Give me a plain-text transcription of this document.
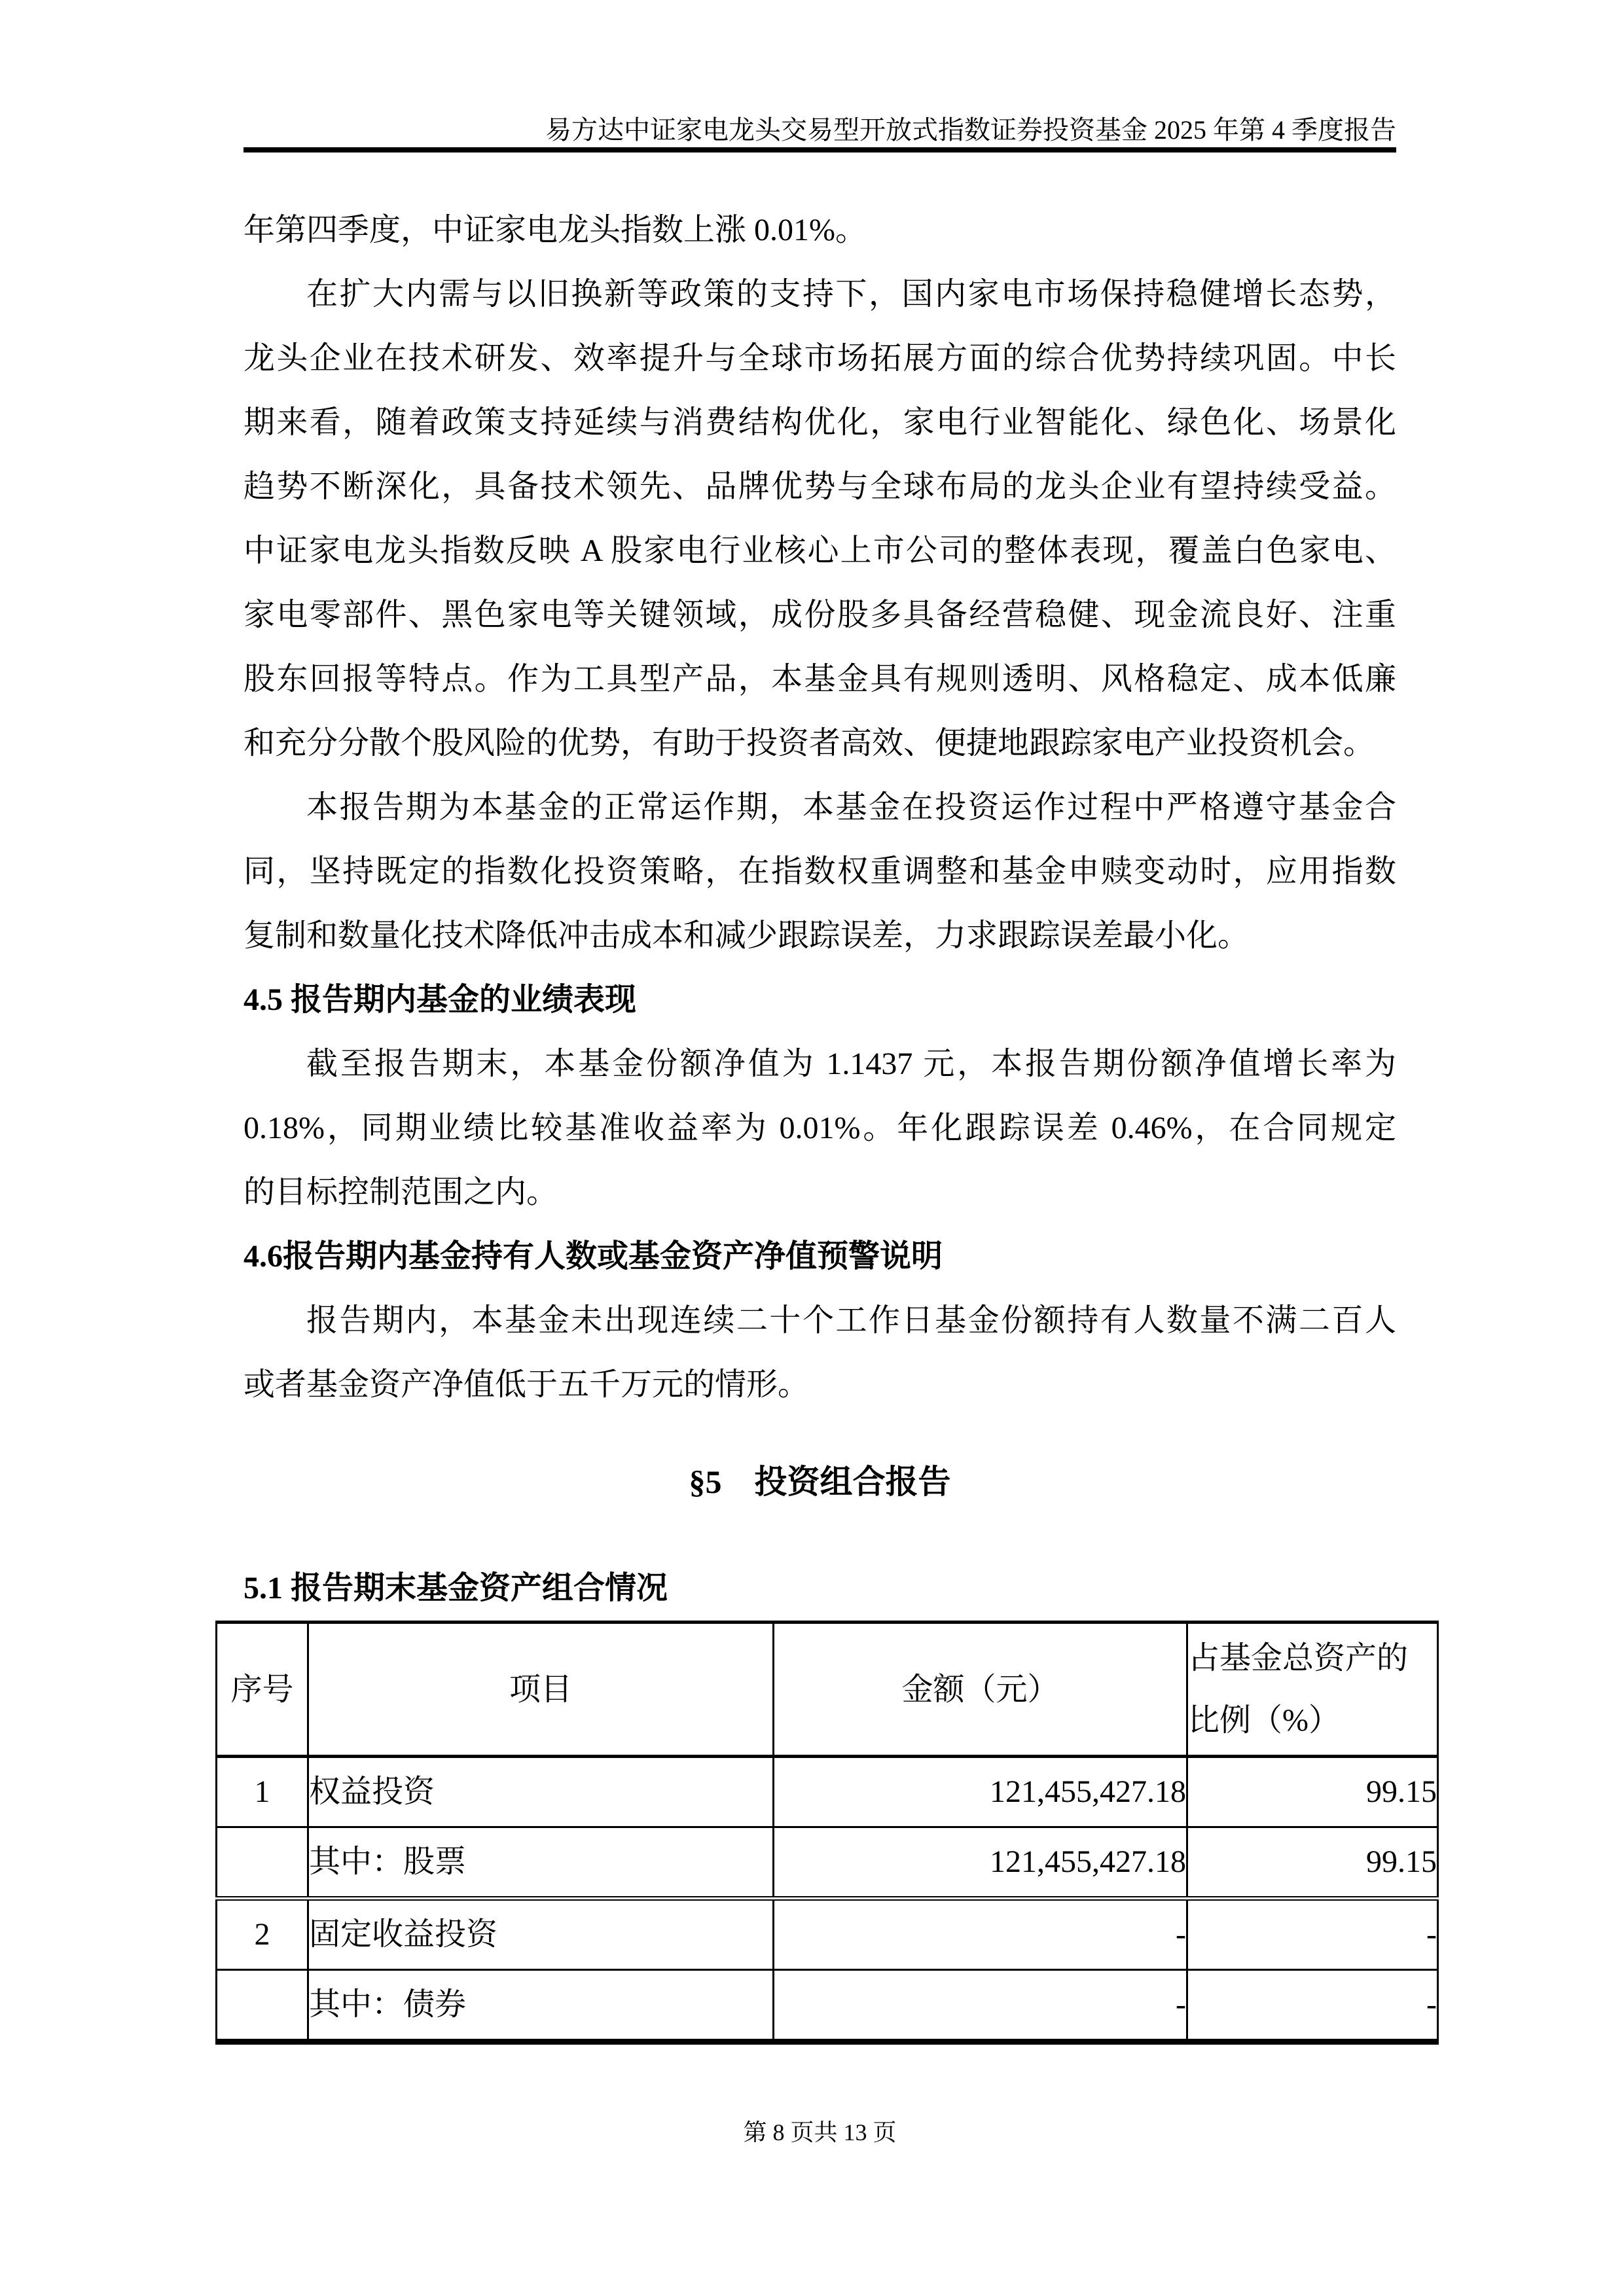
易方达中证家电龙头交易型开放式指数证券投资基金 2025 年第 4 季度报告
年第四季度，中证家电龙头指数上涨 0.01%。
在扩大内需与以旧换新等政策的支持下，国内家电市场保持稳健增长态势，
龙头企业在技术研发、效率提升与全球市场拓展方面的综合优势持续巩固。中长
期来看，随着政策支持延续与消费结构优化，家电行业智能化、绿色化、场景化
趋势不断深化，具备技术领先、品牌优势与全球布局的龙头企业有望持续受益。
中证家电龙头指数反映 A 股家电行业核心上市公司的整体表现，覆盖白色家电、
家电零部件、黑色家电等关键领域，成份股多具备经营稳健、现金流良好、注重
股东回报等特点。作为工具型产品，本基金具有规则透明、风格稳定、成本低廉
和充分分散个股风险的优势，有助于投资者高效、便捷地跟踪家电产业投资机会。
本报告期为本基金的正常运作期，本基金在投资运作过程中严格遵守基金合
同，坚持既定的指数化投资策略，在指数权重调整和基金申赎变动时，应用指数
复制和数量化技术降低冲击成本和减少跟踪误差，力求跟踪误差最小化。
4.5 报告期内基金的业绩表现
截至报告期末，本基金份额净值为 1.1437 元，本报告期份额净值增长率为
0.18%，同期业绩比较基准收益率为 0.01%。年化跟踪误差 0.46%，在合同规定
的目标控制范围之内。
4.6报告期内基金持有人数或基金资产净值预警说明
报告期内，本基金未出现连续二十个工作日基金份额持有人数量不满二百人
或者基金资产净值低于五千万元的情形。
§5　投资组合报告
5.1 报告期末基金资产组合情况
序号	项目	金额（元）	占基金总资产的比例（%）
1	权益投资	121,455,427.18	99.15
	其中：股票	121,455,427.18	99.15
2	固定收益投资	-	-
	其中：债券	-	-
第 8 页共 13 页
